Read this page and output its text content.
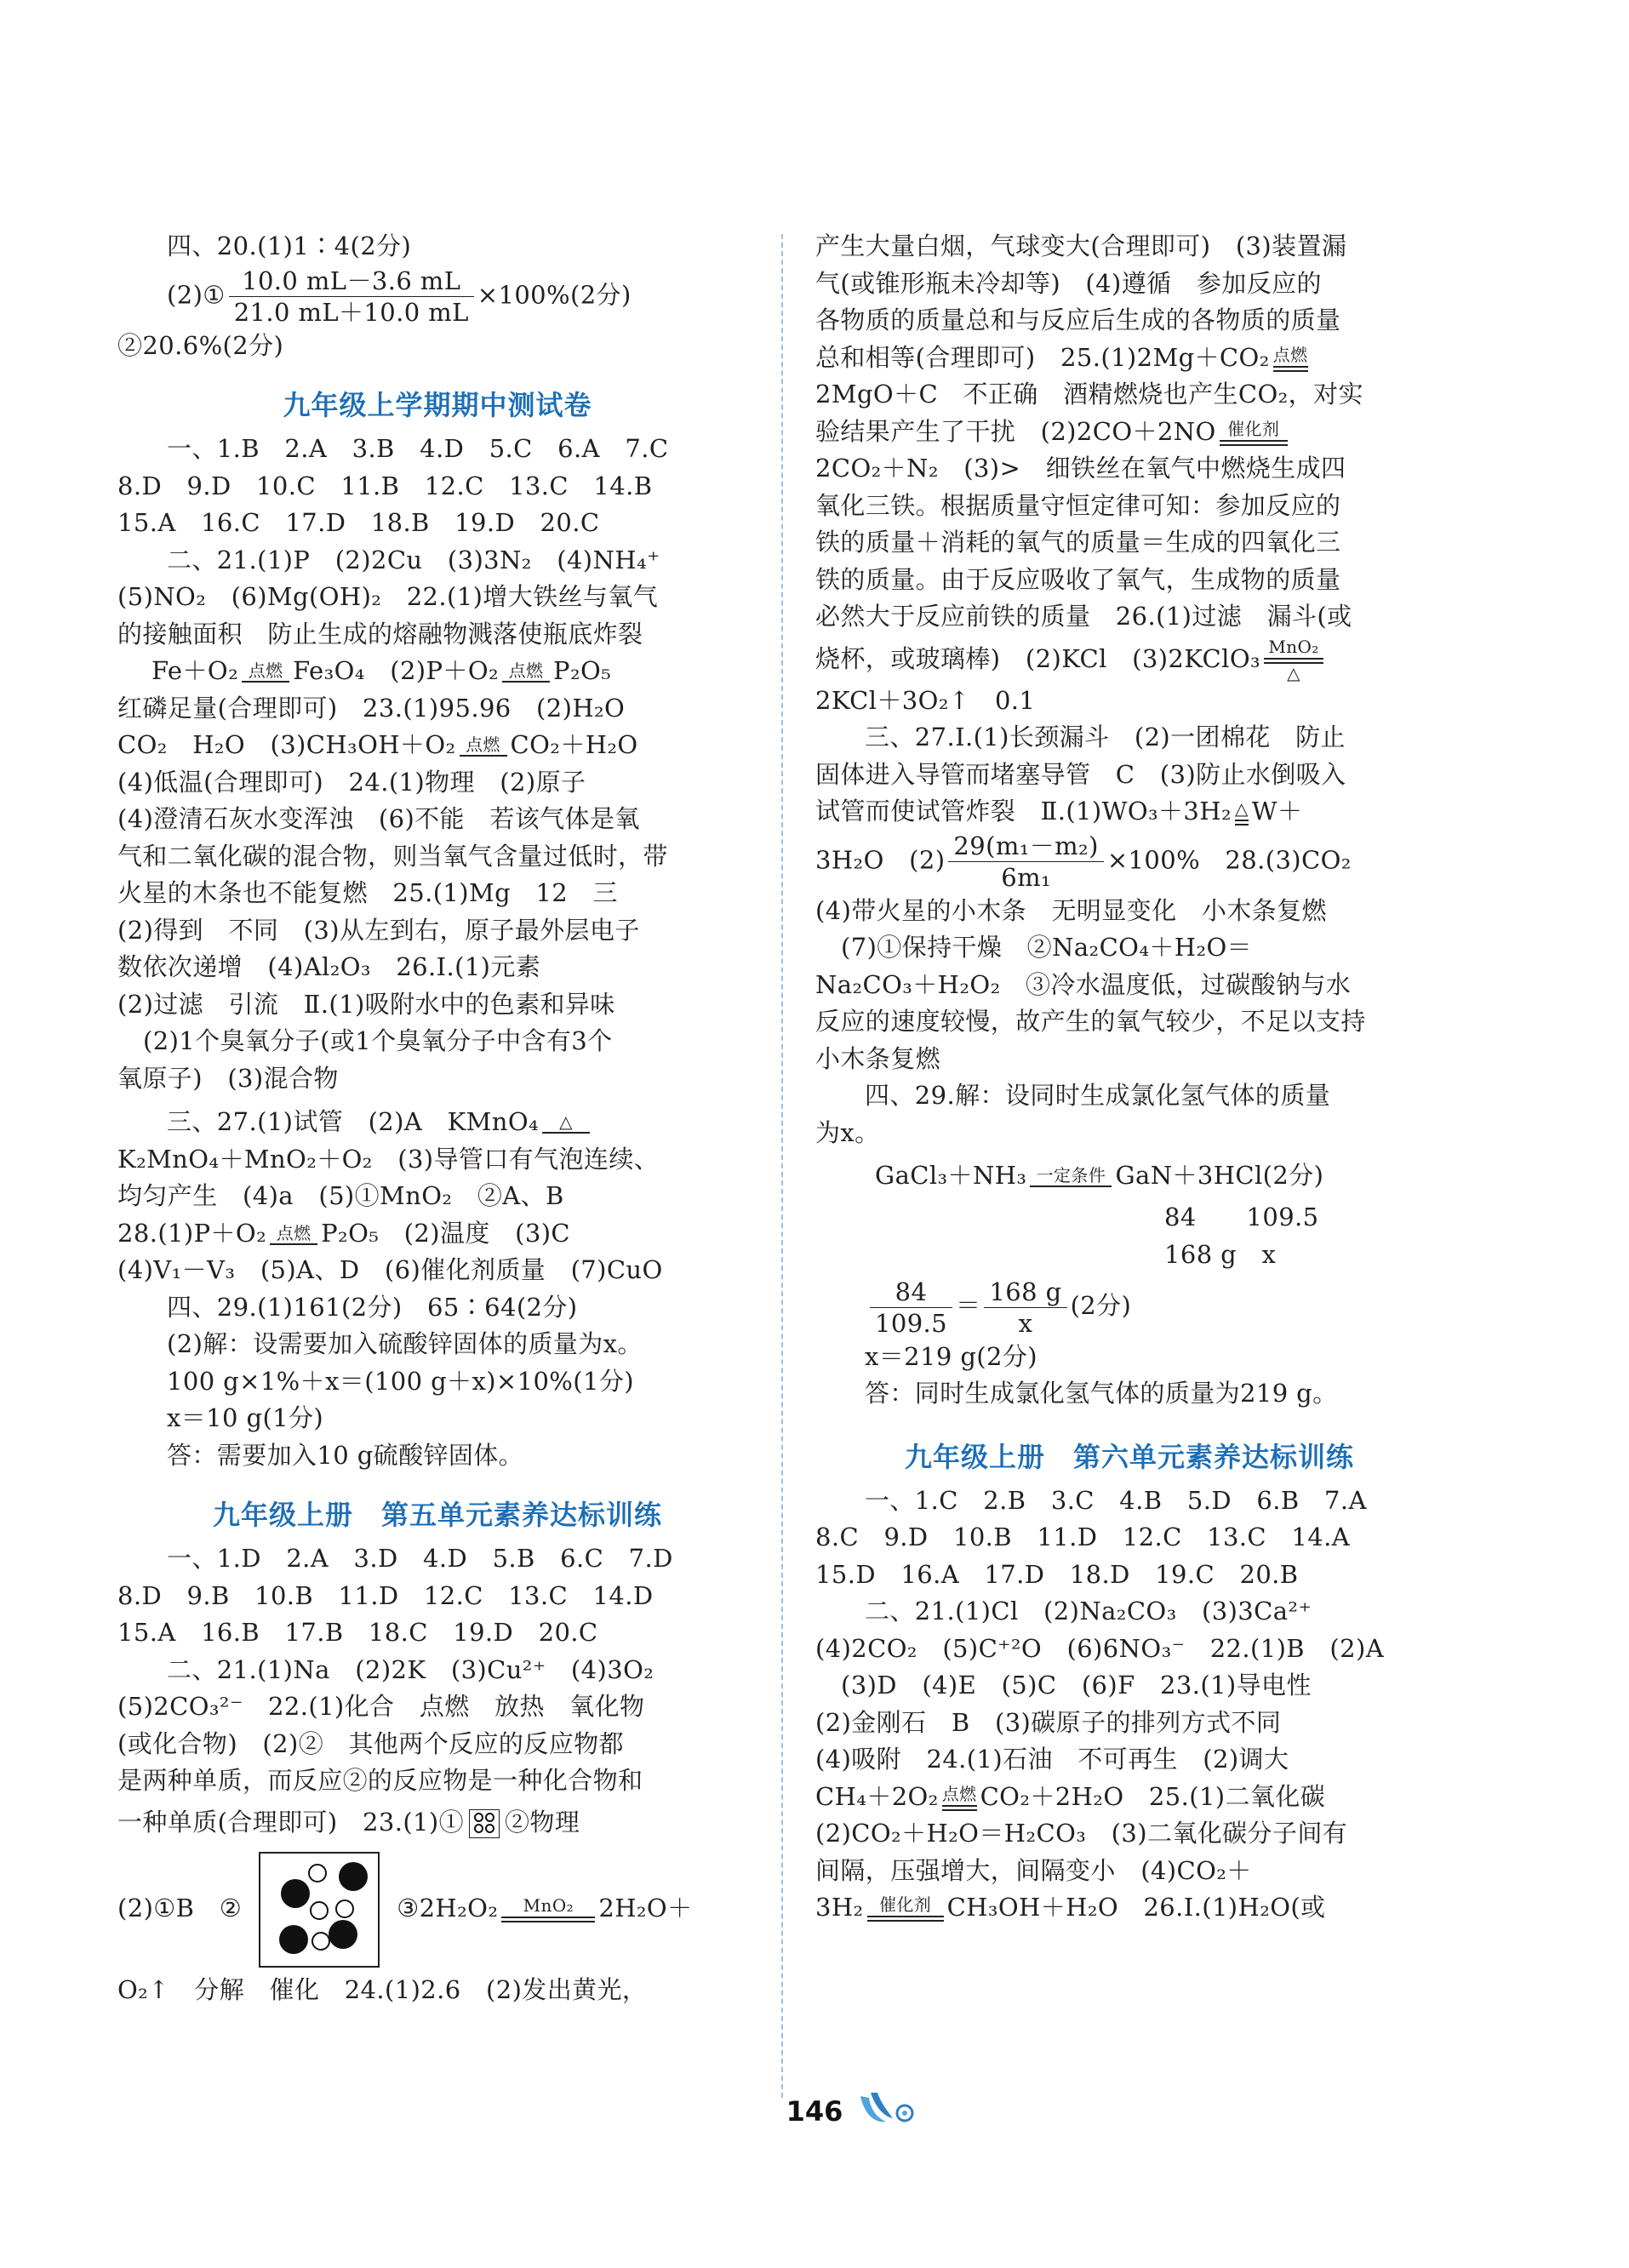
四、20.(1)1∶4(2分)
(2)① $\frac{10.0 mL-3.6 mL}{21.0 mL+10.0 mL} \times 100\%(2$分)
②20.6%(2分)
九年级上学期期中测试卷
一、1.B　2.A　3.B　4.D　5.C　6.A　7.C
8.D　9.D　10.C　11.B　12.C　13.C　14.B
15.A　16.C　17.D　18.B　19.D　20.C
二、21.(1)P　(2)2Cu　(3)3N₂　(4)NH₄⁺
(5)NO₂　(6)Mg(OH)₂　22.(1)增大铁丝与氧气
的接触面积　防止生成的熔融物溅落使瓶底炸裂
Fe＋O₂ 点燃 Fe₃O₄　(2)P＋O₂ 点燃 P₂O₅
红磷足量(合理即可)　23.(1)95.96　(2)H₂O
CO₂　H₂O　(3)CH₃OH＋O₂ 点燃 CO₂＋H₂O
(4)低温(合理即可)　24.(1)物理　(2)原子
(4)澄清石灰水变浑浊　(6)不能　若该气体是氧
气和二氧化碳的混合物，则当氧气含量过低时，带
火星的木条也不能复燃　25.(1)Mg　12　三
(2)得到　不同　(3)从左到右，原子最外层电子
数依次递增　(4)Al₂O₃　26.Ⅰ.(1)元素
(2)过滤　引流　Ⅱ.(1)吸附水中的色素和异味
(2)1个臭氧分子(或1个臭氧分子中含有3个
氧原子)　(3)混合物
三、27.(1)试管　(2)A　KMnO₄	△
K₂MnO₄＋MnO₂＋O₂　(3)导管口有气泡连续、
均匀产生　(4)a　(5)①MnO₂　②A、B
28.(1)P＋O₂ 点燃 P₂O₅　(2)温度　(3)C
(4)V₁－V₃　(5)A、D　(6)催化剂质量　(7)CuO
四、29.(1)161(2分)　65∶64(2分)
(2)解：设需要加入硫酸锌固体的质量为x。
100 g×1%＋x＝(100 g＋x)×10%(1分)
x＝10 g(1分)
答：需要加入10 g硫酸锌固体。
九年级上册　第五单元素养达标训练
一、1.D　2.A　3.D　4.D　5.B　6.C　7.D
8.D　9.B　10.B　11.D　12.C　13.C　14.D
15.A　16.B　17.B　18.C　19.D　20.C
二、21.(1)Na　(2)2K　(3)Cu²⁺　(4)3O₂
(5)2CO₃²⁻　22.(1)化合　点燃　放热　氧化物
(或化合物)　(2)②　其他两个反应的反应物都
是两种单质，而反应②的反应物是一种化合物和
一种单质(合理即可)　23.(1)① ②物理
(2)①B　②	③2H₂O₂	MnO₂	2H₂O＋
O₂↑　分解　催化　24.(1)2.6　(2)发出黄光，
产生大量白烟，气球变大(合理即可)　(3)装置漏
气(或锥形瓶未冷却等)　(4)遵循　参加反应的
各物质的质量总和与反应后生成的各物质的质量
总和相等(合理即可)　25.(1)2Mg＋CO₂ 点燃
2MgO＋C　不正确　酒精燃烧也产生CO₂，对实
验结果产生了干扰　(2)2CO＋2NO 催化剂
2CO₂＋N₂　(3)>　细铁丝在氧气中燃烧生成四
氧化三铁。根据质量守恒定律可知：参加反应的
铁的质量＋消耗的氧气的质量＝生成的四氧化三
铁的质量。由于反应吸收了氧气，生成物的质量
必然大于反应前铁的质量　26.(1)过滤　漏斗(或
烧杯，或玻璃棒)　(2)KCl　(3)2KClO₃ MnO₂
△
2KCl＋3O₂↑　0.1
三、27.Ⅰ.(1)长颈漏斗　(2)一团棉花　防止
固体进入导管而堵塞导管　C　(3)防止水倒吸入
试管而使试管炸裂　Ⅱ.(1)WO₃＋3H₂ △ W＋
3H₂O　$(2) \frac{\text{29(m₁－m₂)}}{\text{6m₁}} \times 100\%$　28.(3)CO₂
(4)带火星的小木条　无明显变化　小木条复燃
(7)①保持干燥　②Na₂CO₄＋H₂O＝
Na₂CO₃＋H₂O₂　③冷水温度低，过碳酸钠与水
反应的速度较慢，故产生的氧气较少，不足以支持
小木条复燃
四、29.解：设同时生成氯化氢气体的质量
为x。
GaCl₃＋NH₃ 一定条件 GaN＋3HCl(2分)
84　　109.5
168 g　x
$\frac{84}{109.5} = \frac{168 g}{x} (2$分)
x＝219 g(2分)
答：同时生成氯化氢气体的质量为219 g。
九年级上册　第六单元素养达标训练
一、1.C　2.B　3.C　4.B　5.D　6.B　7.A
8.C　9.D　10.B　11.D　12.C　13.C　14.A
15.D　16.A　17.D　18.D　19.C　20.B
二、21.(1)Cl　(2)Na₂CO₃　(3)3Ca²⁺
(4)2CO₂　(5)C⁺²O　(6)6NO₃⁻　22.(1)B　(2)A
(3)D　(4)E　(5)C　(6)F　23.(1)导电性
(2)金刚石　B　(3)碳原子的排列方式不同
(4)吸附　24.(1)石油　不可再生　(2)调大
CH₄＋2O₂ 点燃 CO₂＋2H₂O　25.(1)二氧化碳
(2)CO₂＋H₂O＝H₂CO₃　(3)二氧化碳分子间有
间隔，压强增大，间隔变小　(4)CO₂＋
3H₂ 催化剂 CH₃OH＋H₂O　26.Ⅰ.(1)H₂O(或
146
